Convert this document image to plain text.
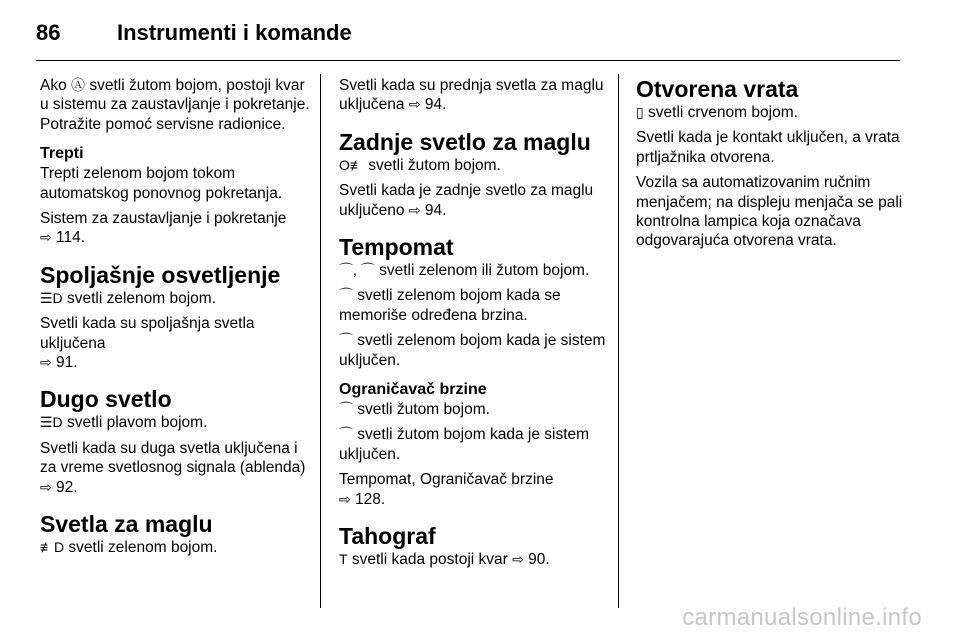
86	Instrumenti i komande

Ako Ⓐ svetli žutom bojom, postoji kvar u sistemu za zaustavljanje i pokretanje. Potražite pomoć servisne radionice.

Trepti

Trepti zelenom bojom tokom automatskog ponovnog pokretanja.

Sistem za zaustavljanje i pokretanje
⇨ 114.

Spoljašnje osvetljenje

☰D svetli zelenom bojom.

Svetli kada su spoljašnja svetla uključena
⇨ 91.

Dugo svetlo

☰D svetli plavom bojom.

Svetli kada su duga svetla uključena i za vreme svetlosnog signala (ablenda) ⇨ 92.

Svetla za maglu

≢D svetli zelenom bojom.

Svetli kada su prednja svetla za maglu uključena ⇨ 94.

Zadnje svetlo za maglu

O≢ svetli žutom bojom.

Svetli kada je zadnje svetlo za maglu uključeno ⇨ 94.

Tempomat

⌒, ⌒ svetli zelenom ili žutom bojom.

⌒ svetli zelenom bojom kada se memoriše određena brzina.

⌒ svetli zelenom bojom kada je sistem uključen.

Ograničavač brzine

⌒ svetli žutom bojom.

⌒ svetli žutom bojom kada je sistem uključen.

Tempomat, Ograničavač brzine
⇨ 128.

Tahograf

T svetli kada postoji kvar ⇨ 90.

Otvorena vrata

▯ svetli crvenom bojom.

Svetli kada je kontakt uključen, a vrata prtljažnika otvorena.

Vozila sa automatizovanim ručnim menjačem; na displeju menjača se pali kontrolna lampica koja označava odgovarajuća otvorena vrata.

carmanualsonline.info
